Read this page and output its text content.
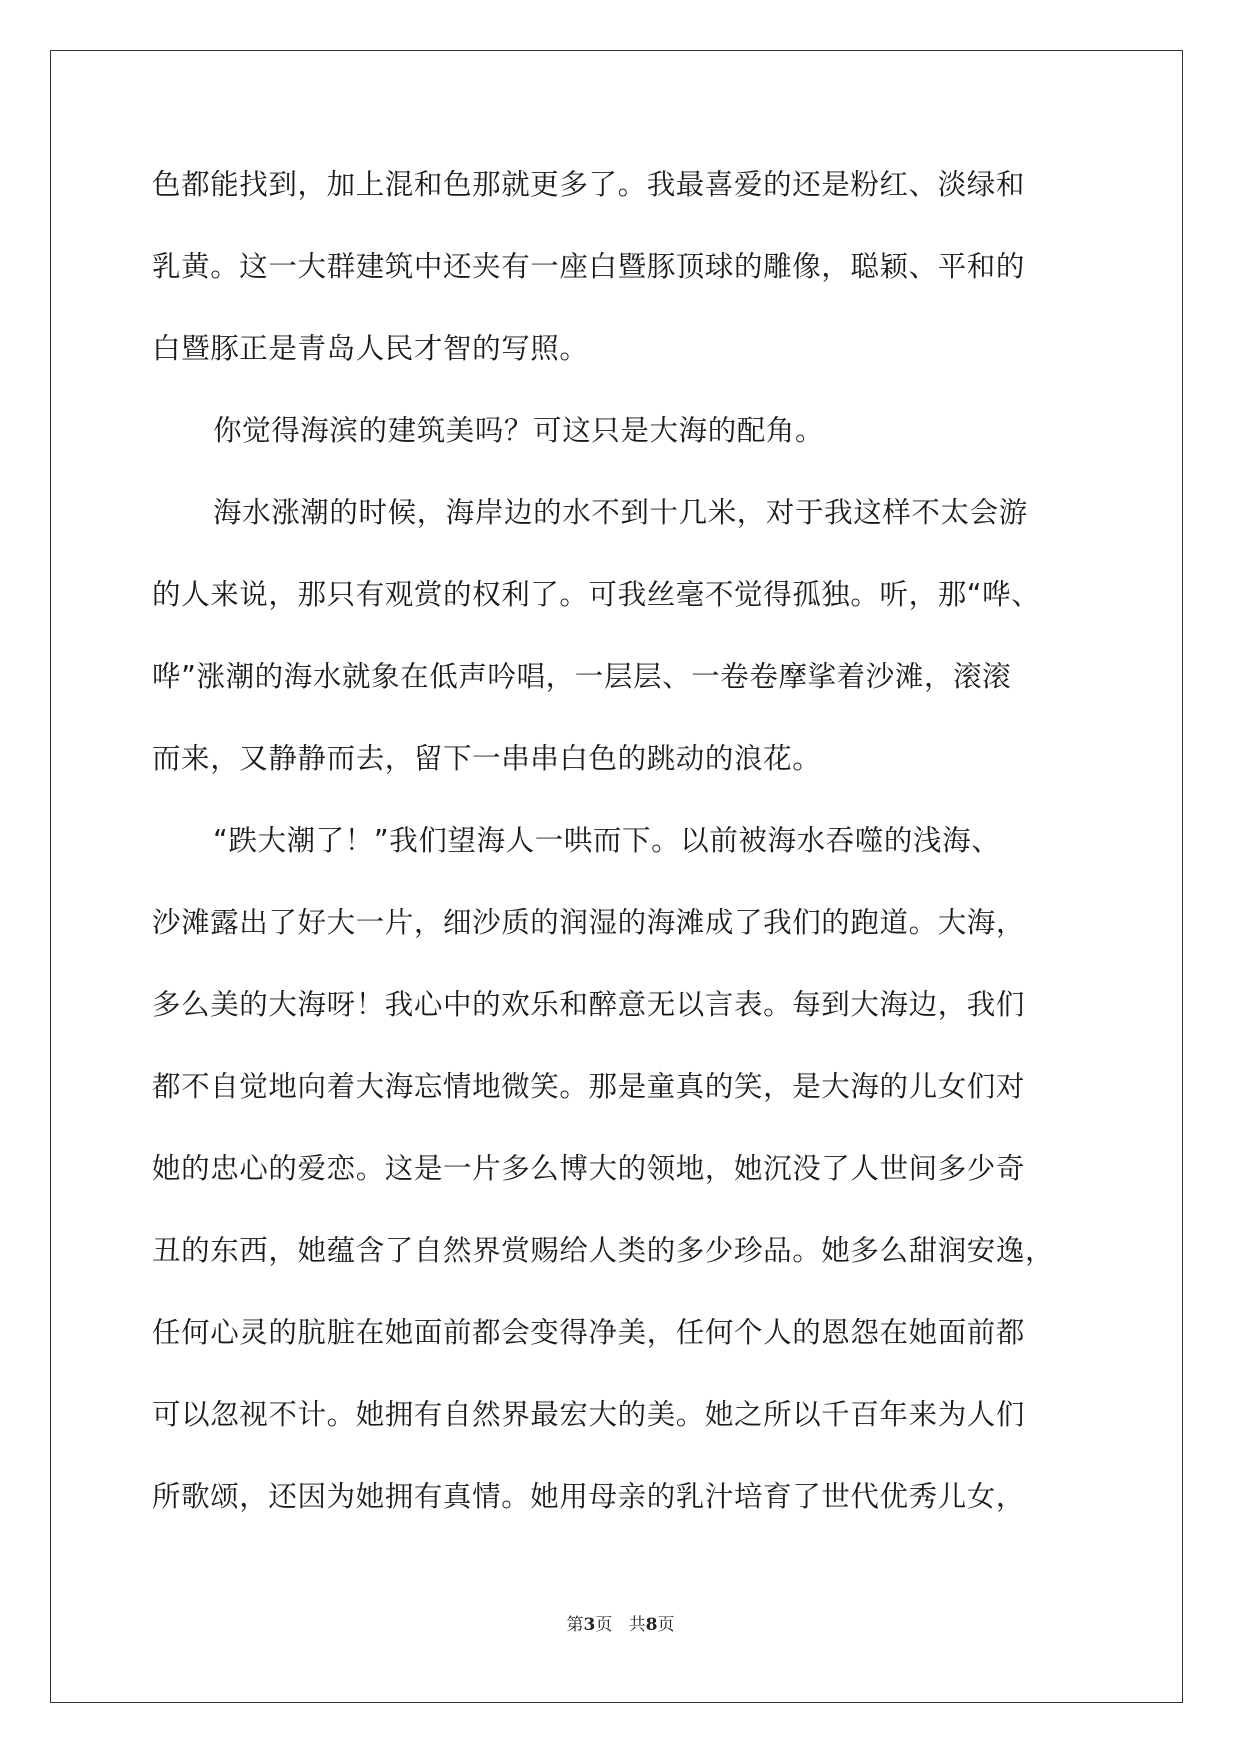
色都能找到，加上混和色那就更多了。我最喜爱的还是粉红、淡绿和
乳黄。这一大群建筑中还夹有一座白暨豚顶球的雕像，聪颖、平和的
白暨豚正是青岛人民才智的写照。
你觉得海滨的建筑美吗？可这只是大海的配角。
海水涨潮的时候，海岸边的水不到十几米，对于我这样不太会游
的人来说，那只有观赏的权利了。可我丝毫不觉得孤独。听，那“哗、
哗”涨潮的海水就象在低声吟唱，一层层、一卷卷摩挲着沙滩，滚滚
而来，又静静而去，留下一串串白色的跳动的浪花。
“跌大潮了！”我们望海人一哄而下。以前被海水吞噬的浅海、
沙滩露出了好大一片，细沙质的润湿的海滩成了我们的跑道。大海，
多么美的大海呀！我心中的欢乐和醉意无以言表。每到大海边，我们
都不自觉地向着大海忘情地微笑。那是童真的笑，是大海的儿女们对
她的忠心的爱恋。这是一片多么博大的领地，她沉没了人世间多少奇
丑的东西，她蕴含了自然界赏赐给人类的多少珍品。她多么甜润安逸，
任何心灵的肮脏在她面前都会变得净美，任何个人的恩怨在她面前都
可以忽视不计。她拥有自然界最宏大的美。她之所以千百年来为人们
所歌颂，还因为她拥有真情。她用母亲的乳汁培育了世代优秀儿女，
第3页 共8页
